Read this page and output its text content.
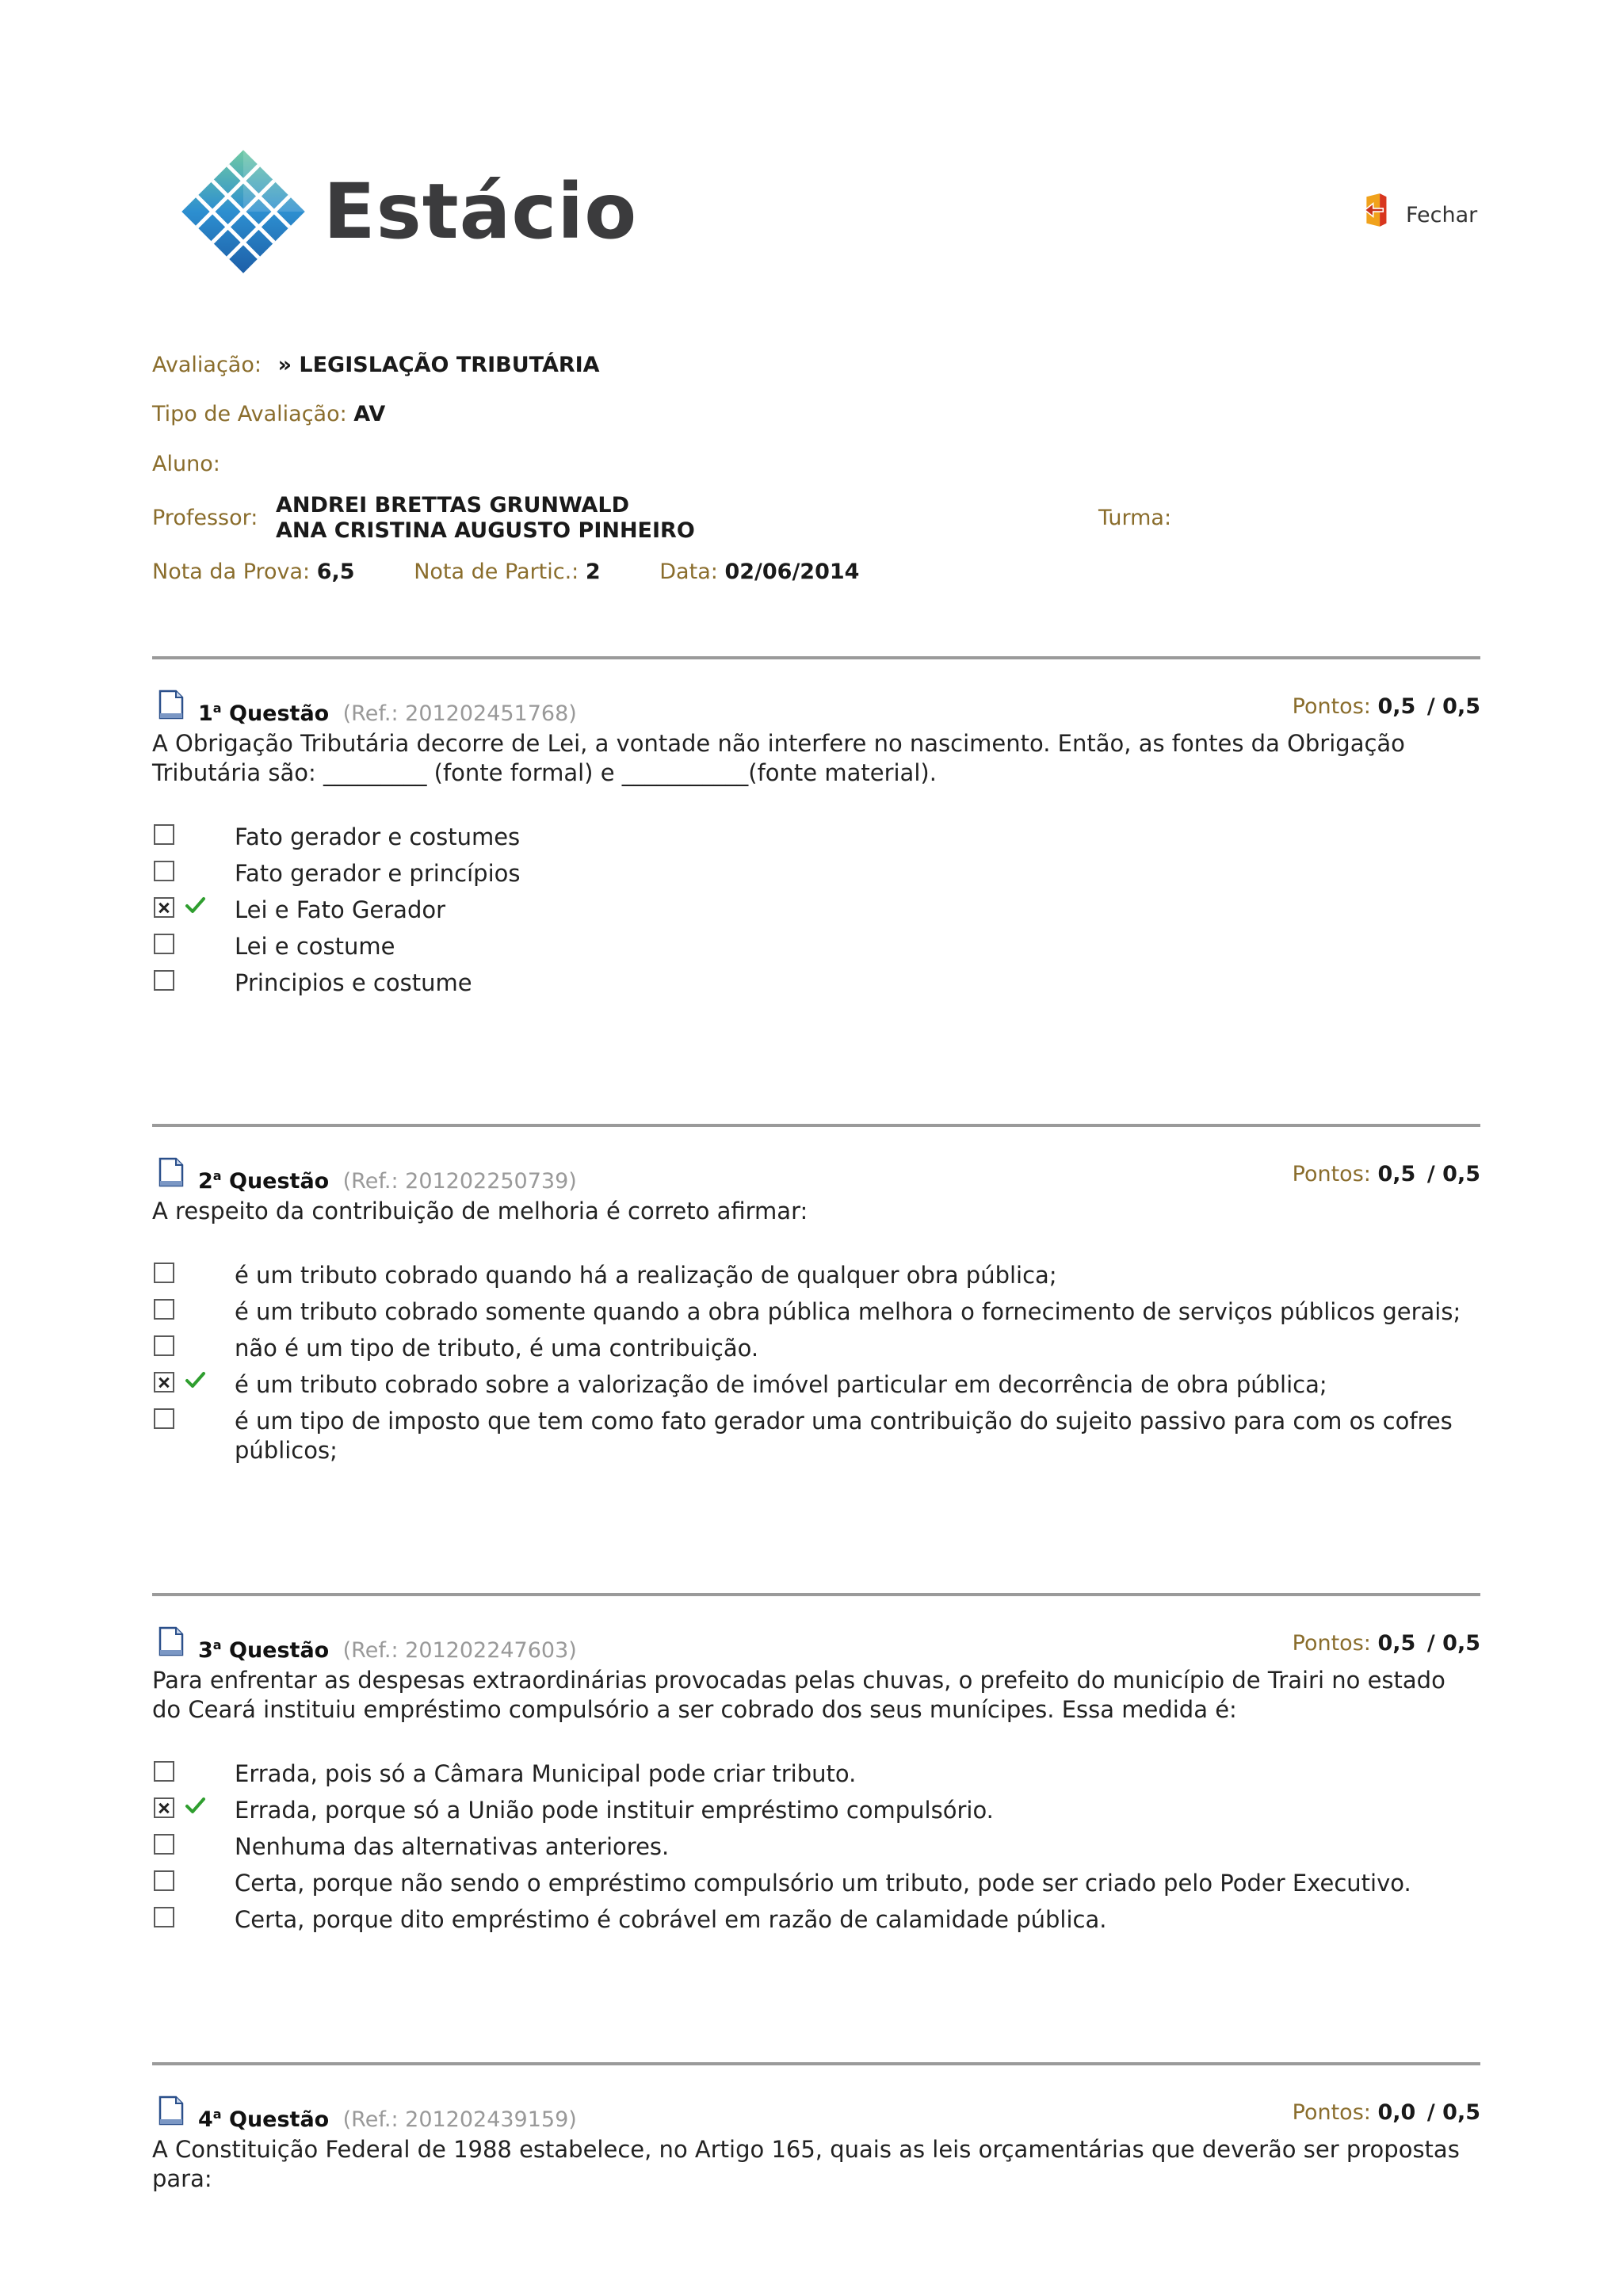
Estácio	Fechar
Avaliação: » LEGISLAÇÃO TRIBUTÁRIA
Tipo de Avaliação: AV
Aluno:
Professor:
ANDREI BRETTAS GRUNWALD
ANA CRISTINA AUGUSTO PINHEIRO
Turma:
Nota da Prova: 6,5	Nota de Partic.: 2	Data: 02/06/2014
1$^a$ Questão (Ref.: 201202451768)	Pontos: 0,5 / 0,5
A Obrigação Tributária decorre de Lei, a vontade não interfere no nascimento. Então, as fontes da Obrigação Tributária são: _________ (fonte formal) e ___________(fonte material).
Fato gerador e costumes
Fato gerador e princípios
Lei e Fato Gerador
Lei e costume
Principios e costume
2$^a$ Questão (Ref.: 201202250739)	Pontos: 0,5 / 0,5
A respeito da contribuição de melhoria é correto afirmar:
é um tributo cobrado quando há a realização de qualquer obra pública;
é um tributo cobrado somente quando a obra pública melhora o fornecimento de serviços públicos gerais;
não é um tipo de tributo, é uma contribuição.
é um tributo cobrado sobre a valorização de imóvel particular em decorrência de obra pública;
é um tipo de imposto que tem como fato gerador uma contribuição do sujeito passivo para com os cofres públicos;
3$^a$ Questão (Ref.: 201202247603)	Pontos: 0,5 / 0,5
Para enfrentar as despesas extraordinárias provocadas pelas chuvas, o prefeito do município de Trairi no estado do Ceará instituiu empréstimo compulsório a ser cobrado dos seus munícipes. Essa medida é:
Errada, pois só a Câmara Municipal pode criar tributo.
Errada, porque só a União pode instituir empréstimo compulsório.
Nenhuma das alternativas anteriores.
Certa, porque não sendo o empréstimo compulsório um tributo, pode ser criado pelo Poder Executivo.
Certa, porque dito empréstimo é cobrável em razão de calamidade pública.
4$^a$ Questão (Ref.: 201202439159)	Pontos: 0,0 / 0,5
A Constituição Federal de 1988 estabelece, no Artigo 165, quais as leis orçamentárias que deverão ser propostas para:
